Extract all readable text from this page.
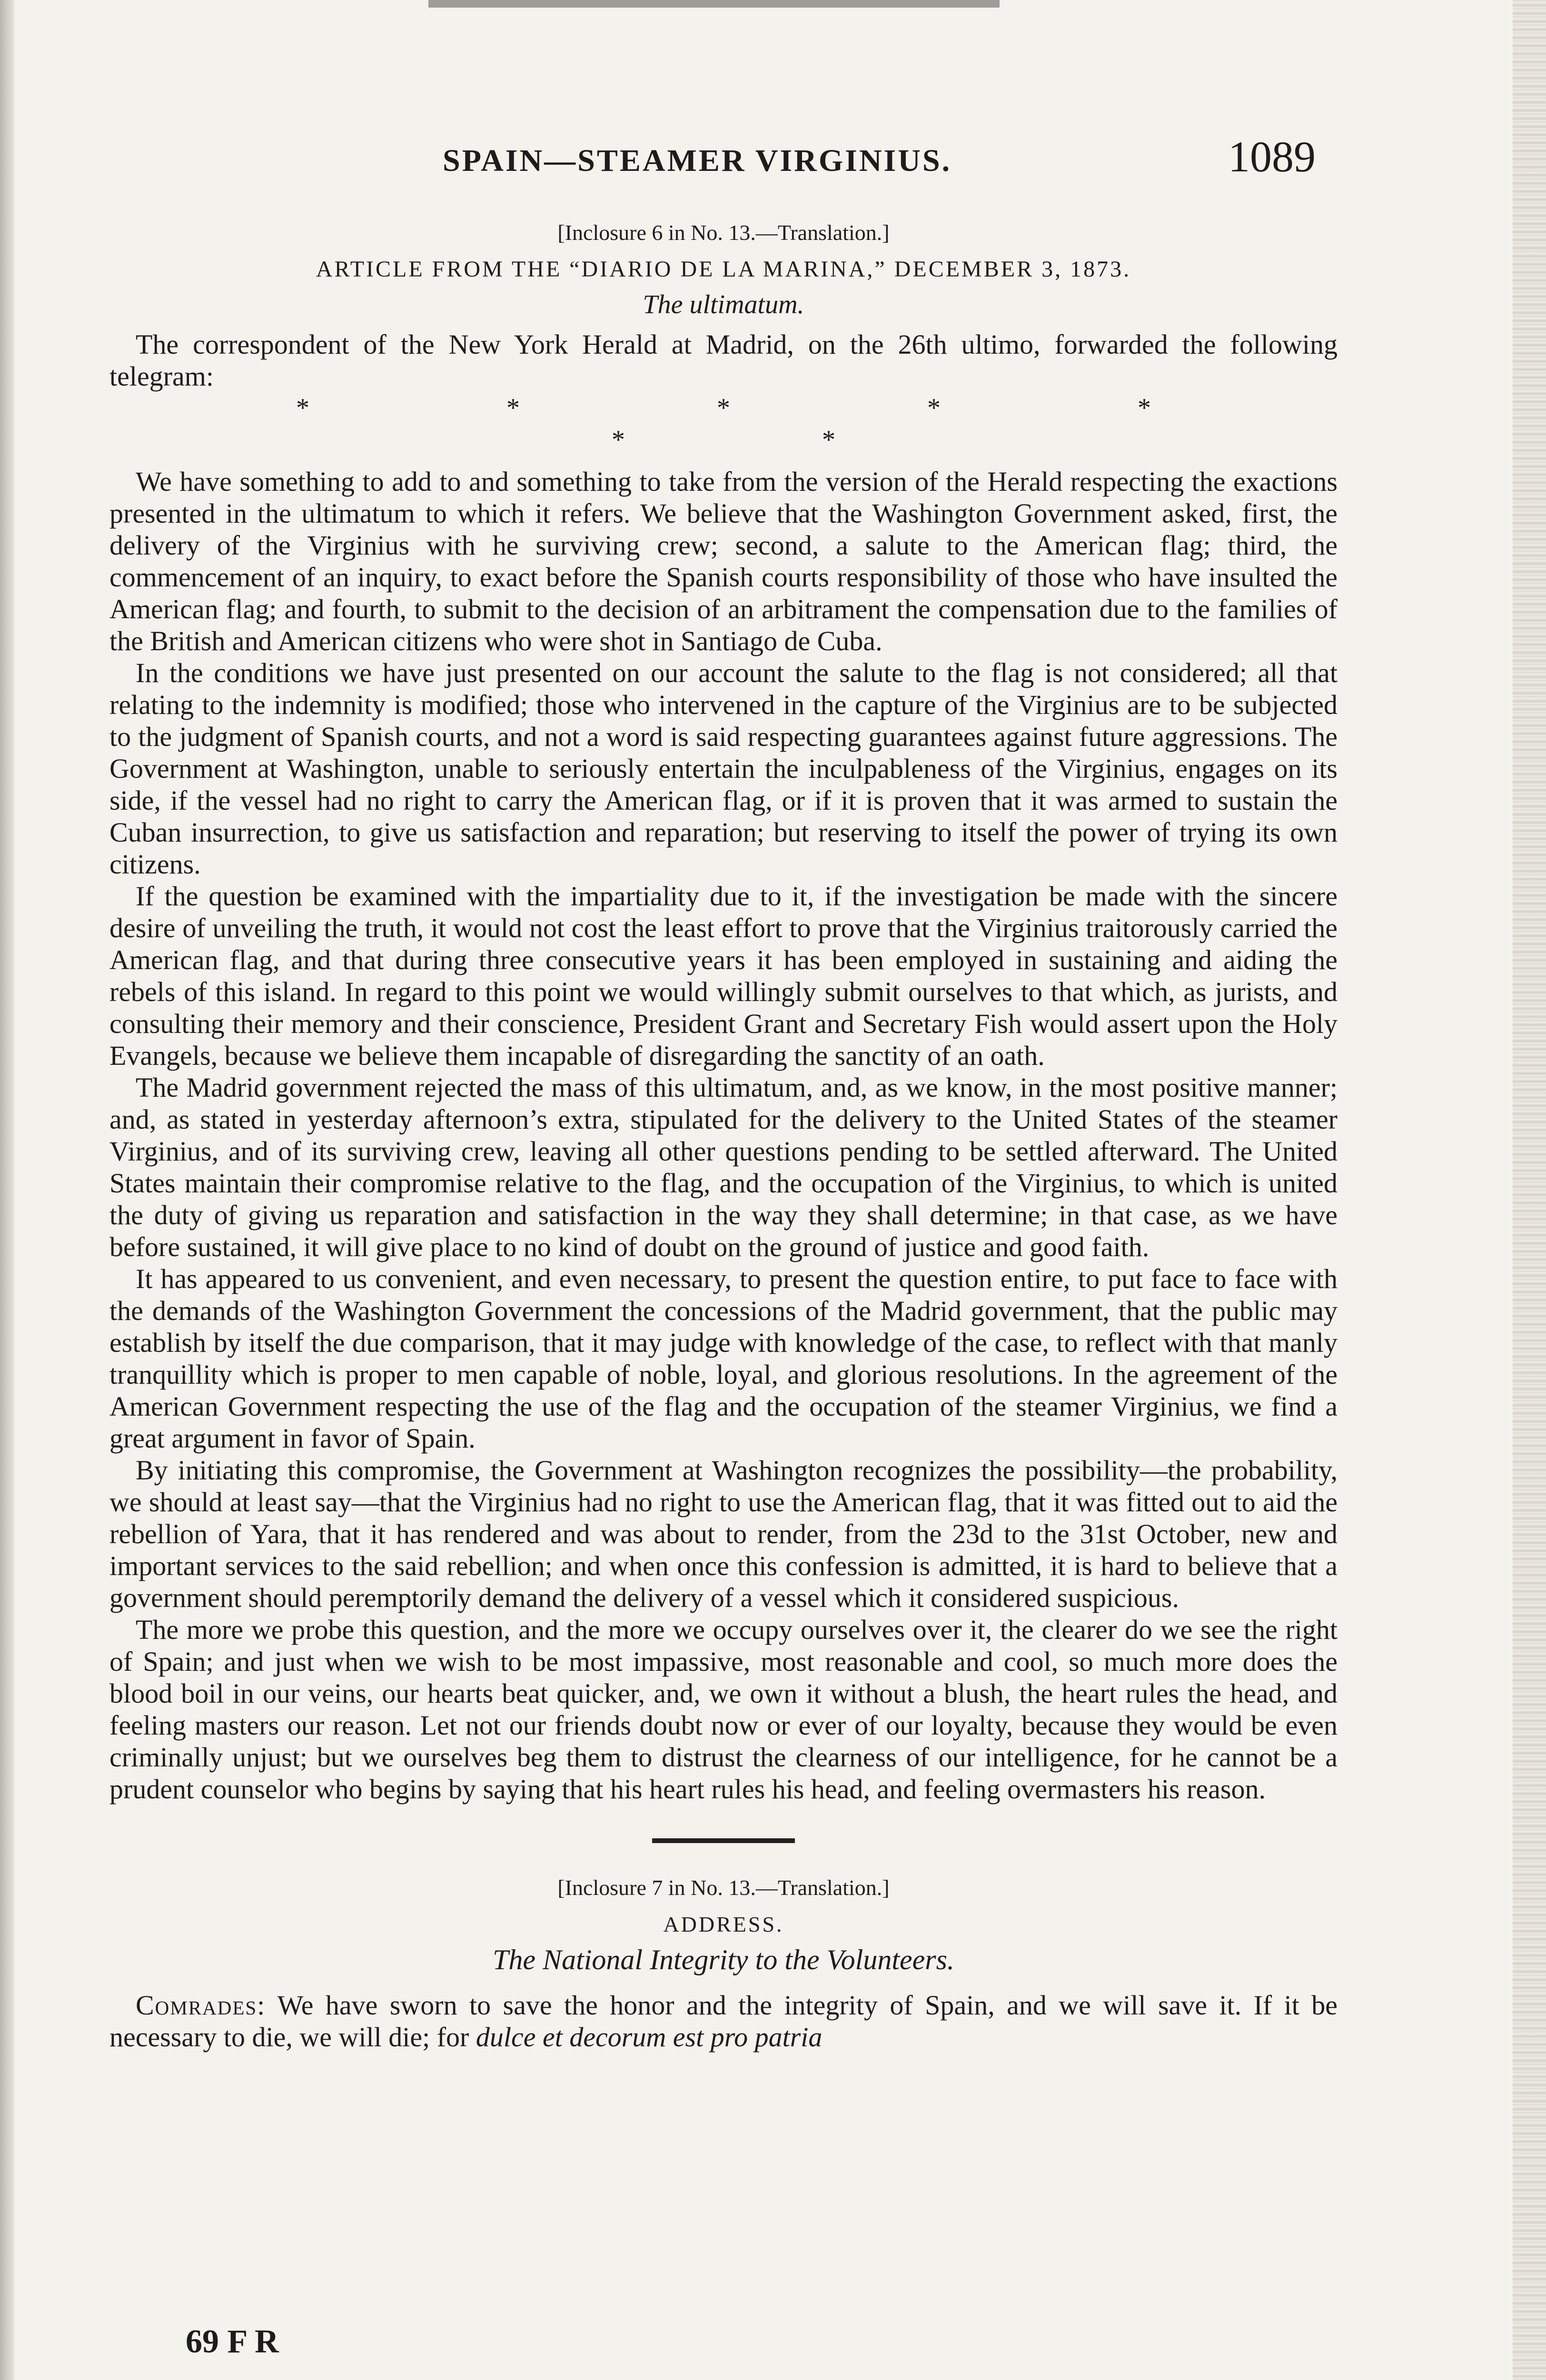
SPAIN—STEAMER VIRGINIUS.	1089
[Inclosure 6 in No. 13.—Translation.]
ARTICLE FROM THE “DIARIO DE LA MARINA,” DECEMBER 3, 1873.
The ultimatum.

The correspondent of the New York Herald at Madrid, on the 26th ultimo, forwarded the following telegram:

* * * * * * *

We have something to add to and something to take from the version of the Herald respecting the exactions presented in the ultimatum to which it refers. We believe that the Washington Government asked, first, the delivery of the Virginius with he surviving crew; second, a salute to the American flag; third, the commencement of an inquiry, to exact before the Spanish courts responsibility of those who have insulted the American flag; and fourth, to submit to the decision of an arbitrament the compensation due to the families of the British and American citizens who were shot in Santiago de Cuba.

In the conditions we have just presented on our account the salute to the flag is not considered; all that relating to the indemnity is modified; those who intervened in the capture of the Virginius are to be subjected to the judgment of Spanish courts, and not a word is said respecting guarantees against future aggressions. The Government at Washington, unable to seriously entertain the inculpableness of the Virginius, engages on its side, if the vessel had no right to carry the American flag, or if it is proven that it was armed to sustain the Cuban insurrection, to give us satisfaction and reparation; but reserving to itself the power of trying its own citizens.

If the question be examined with the impartiality due to it, if the investigation be made with the sincere desire of unveiling the truth, it would not cost the least effort to prove that the Virginius traitorously carried the American flag, and that during three consecutive years it has been employed in sustaining and aiding the rebels of this island. In regard to this point we would willingly submit ourselves to that which, as jurists, and consulting their memory and their conscience, President Grant and Secretary Fish would assert upon the Holy Evangels, because we believe them incapable of disregarding the sanctity of an oath.

The Madrid government rejected the mass of this ultimatum, and, as we know, in the most positive manner; and, as stated in yesterday afternoon’s extra, stipulated for the delivery to the United States of the steamer Virginius, and of its surviving crew, leaving all other questions pending to be settled afterward. The United States maintain their compromise relative to the flag, and the occupation of the Virginius, to which is united the duty of giving us reparation and satisfaction in the way they shall determine; in that case, as we have before sustained, it will give place to no kind of doubt on the ground of justice and good faith.

It has appeared to us convenient, and even necessary, to present the question entire, to put face to face with the demands of the Washington Government the concessions of the Madrid government, that the public may establish by itself the due comparison, that it may judge with knowledge of the case, to reflect with that manly tranquillity which is proper to men capable of noble, loyal, and glorious resolutions. In the agreement of the American Government respecting the use of the flag and the occupation of the steamer Virginius, we find a great argument in favor of Spain.

By initiating this compromise, the Government at Washington recognizes the possibility—the probability, we should at least say—that the Virginius had no right to use the American flag, that it was fitted out to aid the rebellion of Yara, that it has rendered and was about to render, from the 23d to the 31st October, new and important services to the said rebellion; and when once this confession is admitted, it is hard to believe that a government should peremptorily demand the delivery of a vessel which it considered suspicious.

The more we probe this question, and the more we occupy ourselves over it, the clearer do we see the right of Spain; and just when we wish to be most impassive, most reasonable and cool, so much more does the blood boil in our veins, our hearts beat quicker, and, we own it without a blush, the heart rules the head, and feeling masters our reason. Let not our friends doubt now or ever of our loyalty, because they would be even criminally unjust; but we ourselves beg them to distrust the clearness of our intelligence, for he cannot be a prudent counselor who begins by saying that his heart rules his head, and feeling overmasters his reason.

[Inclosure 7 in No. 13.—Translation.]
ADDRESS.
The National Integrity to the Volunteers.

Comrades: We have sworn to save the honor and the integrity of Spain, and we will save it. If it be necessary to die, we will die; for dulce et decorum est pro patria

69 F R
